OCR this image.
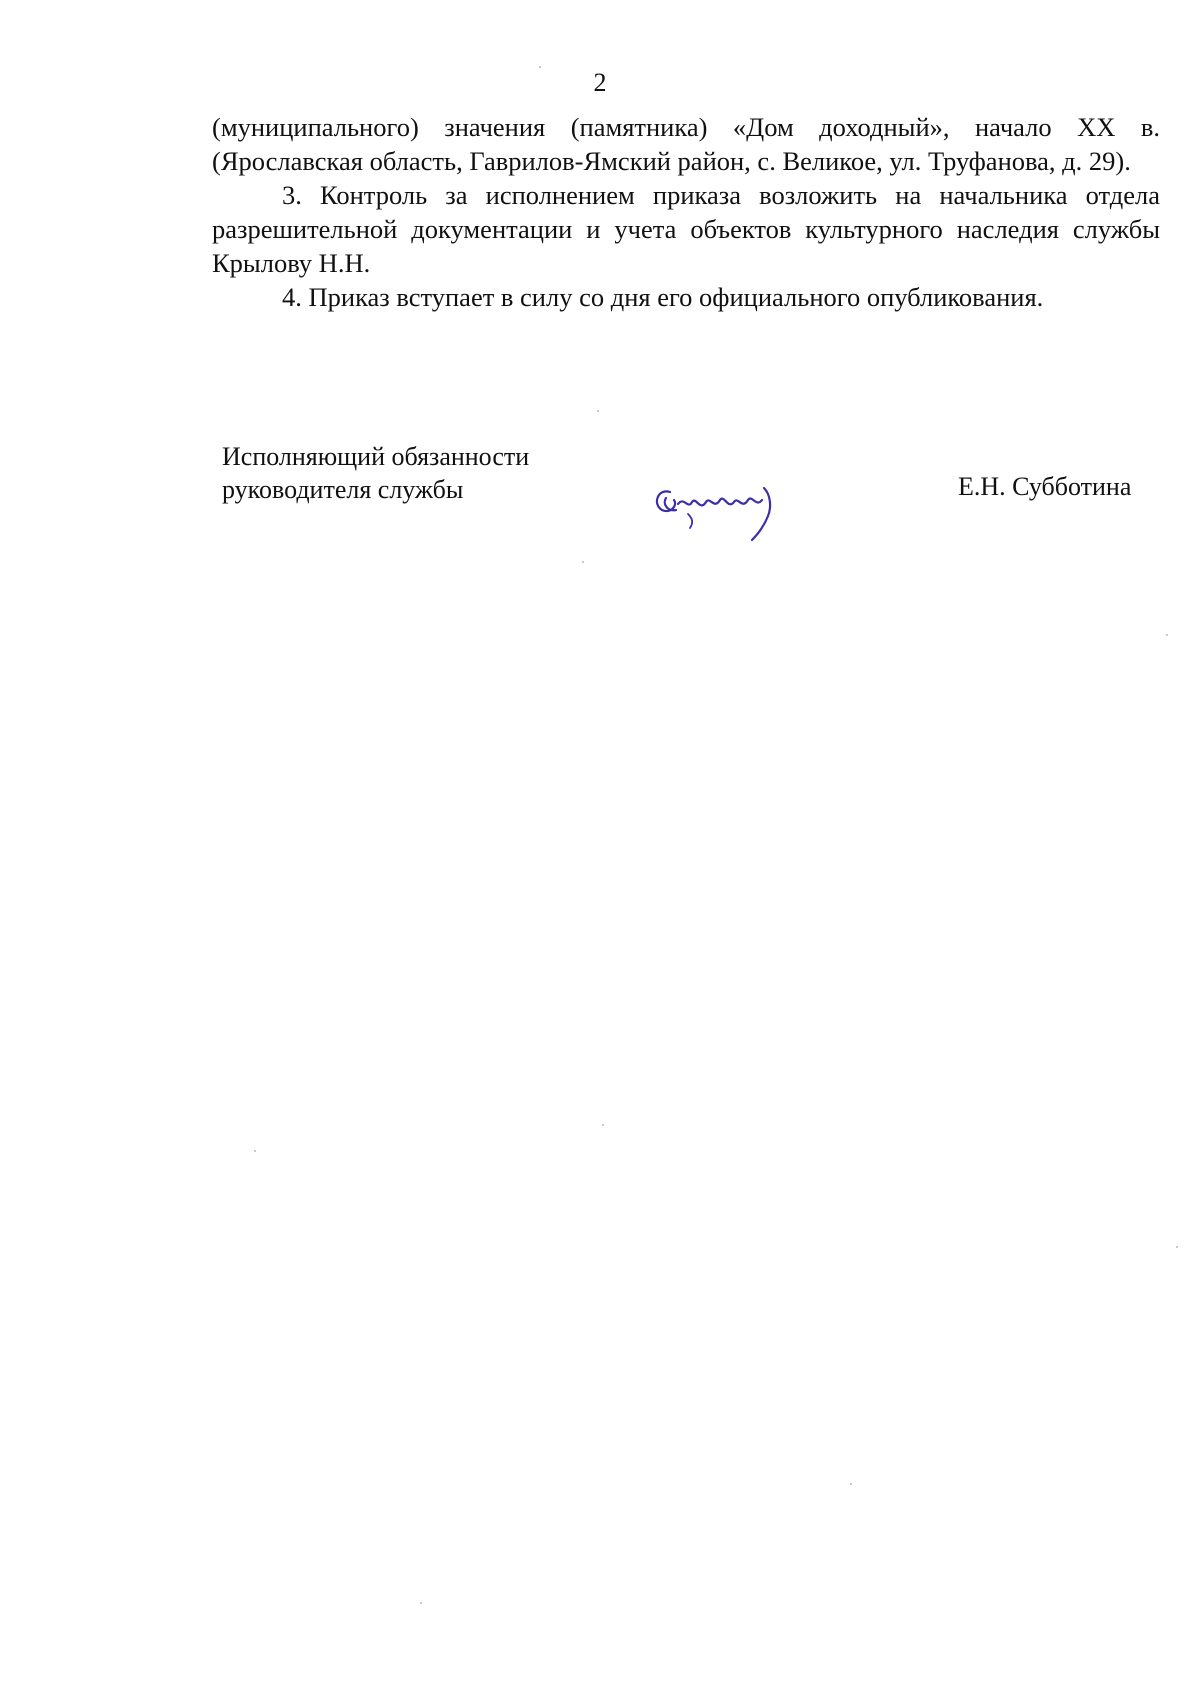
2

(муниципального) значения (памятника) «Дом доходный», начало XX в. (Ярославская область, Гаврилов-Ямский район, с. Великое, ул. Труфанова, д. 29).

3. Контроль за исполнением приказа возложить на начальника отдела разрешительной документации и учета объектов культурного наследия службы Крылову Н.Н.

4. Приказ вступает в силу со дня его официального опубликования.

Исполняющий обязанности
руководителя службы	Е.Н. Субботина
